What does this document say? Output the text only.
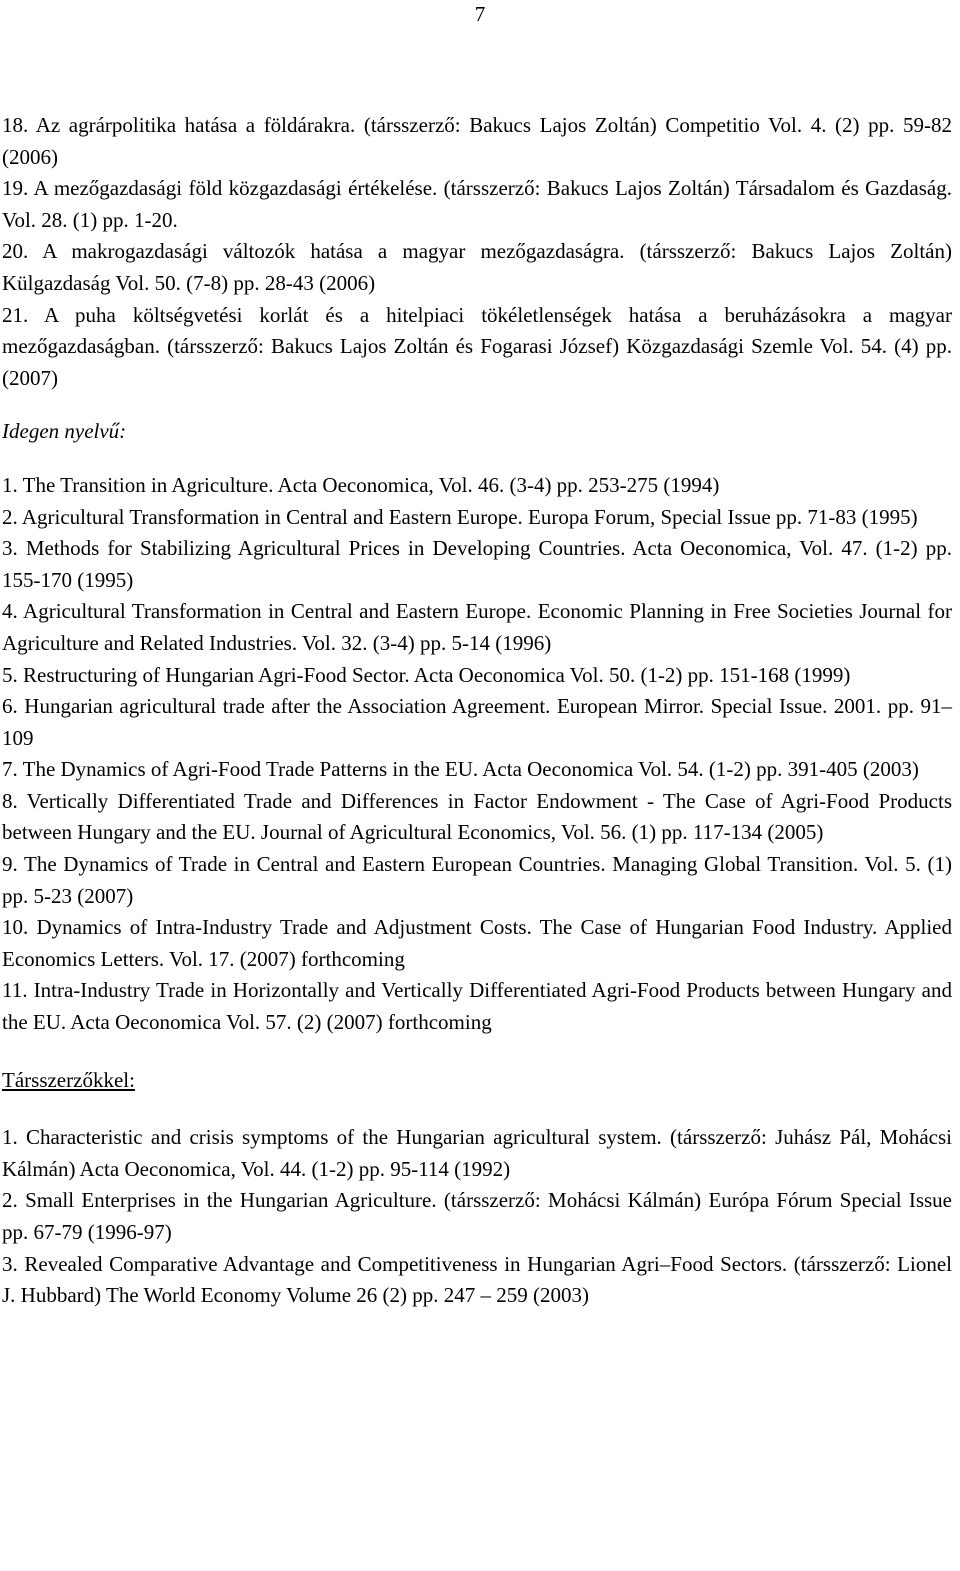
7
18. Az agrárpolitika hatása a földárakra. (társszerző: Bakucs Lajos Zoltán) Competitio Vol. 4. (2) pp. 59-82 (2006)
19. A mezőgazdasági föld közgazdasági értékelése. (társszerző: Bakucs Lajos Zoltán) Társadalom és Gazdaság. Vol. 28. (1) pp. 1-20.
20. A makrogazdasági változók hatása a magyar mezőgazdaságra. (társszerző: Bakucs Lajos Zoltán) Külgazdaság Vol. 50. (7-8) pp. 28-43 (2006)
21. A puha költségvetési korlát és a hitelpiaci tökéletlenségek hatása a beruházásokra a magyar mezőgazdaságban. (társszerző: Bakucs Lajos Zoltán és Fogarasi József) Közgazdasági Szemle Vol. 54. (4) pp. (2007)
Idegen nyelvű:
1. The Transition in Agriculture. Acta Oeconomica, Vol. 46. (3-4) pp. 253-275 (1994)
2. Agricultural Transformation in Central and Eastern Europe. Europa Forum, Special Issue pp. 71-83 (1995)
3. Methods for Stabilizing Agricultural Prices in Developing Countries. Acta Oeconomica, Vol. 47. (1-2) pp. 155-170 (1995)
4. Agricultural Transformation in Central and Eastern Europe. Economic Planning in Free Societies Journal for Agriculture and Related Industries. Vol. 32. (3-4) pp. 5-14 (1996)
5. Restructuring of Hungarian Agri-Food Sector. Acta Oeconomica Vol. 50. (1-2) pp. 151-168 (1999)
6. Hungarian agricultural trade after the Association Agreement. European Mirror. Special Issue. 2001. pp. 91–109
7. The Dynamics of Agri-Food Trade Patterns in the EU. Acta Oeconomica Vol. 54. (1-2) pp. 391-405 (2003)
8. Vertically Differentiated Trade and Differences in Factor Endowment - The Case of Agri-Food Products between Hungary and the EU. Journal of Agricultural Economics, Vol. 56. (1) pp. 117-134 (2005)
9. The Dynamics of Trade in Central and Eastern European Countries. Managing Global Transition. Vol. 5. (1) pp. 5-23 (2007)
10. Dynamics of Intra-Industry Trade and Adjustment Costs. The Case of Hungarian Food Industry. Applied Economics Letters. Vol. 17. (2007) forthcoming
11. Intra-Industry Trade in Horizontally and Vertically Differentiated Agri-Food Products between Hungary and the EU. Acta Oeconomica Vol. 57. (2) (2007) forthcoming
Társszerzőkkel:
1. Characteristic and crisis symptoms of the Hungarian agricultural system. (társszerző: Juhász Pál, Mohácsi Kálmán) Acta Oeconomica, Vol. 44. (1-2) pp. 95-114 (1992)
2. Small Enterprises in the Hungarian Agriculture. (társszerző: Mohácsi Kálmán) Európa Fórum Special Issue pp. 67-79 (1996-97)
3. Revealed Comparative Advantage and Competitiveness in Hungarian Agri–Food Sectors. (társszerző: Lionel J. Hubbard) The World Economy Volume 26 (2) pp. 247 – 259 (2003)
